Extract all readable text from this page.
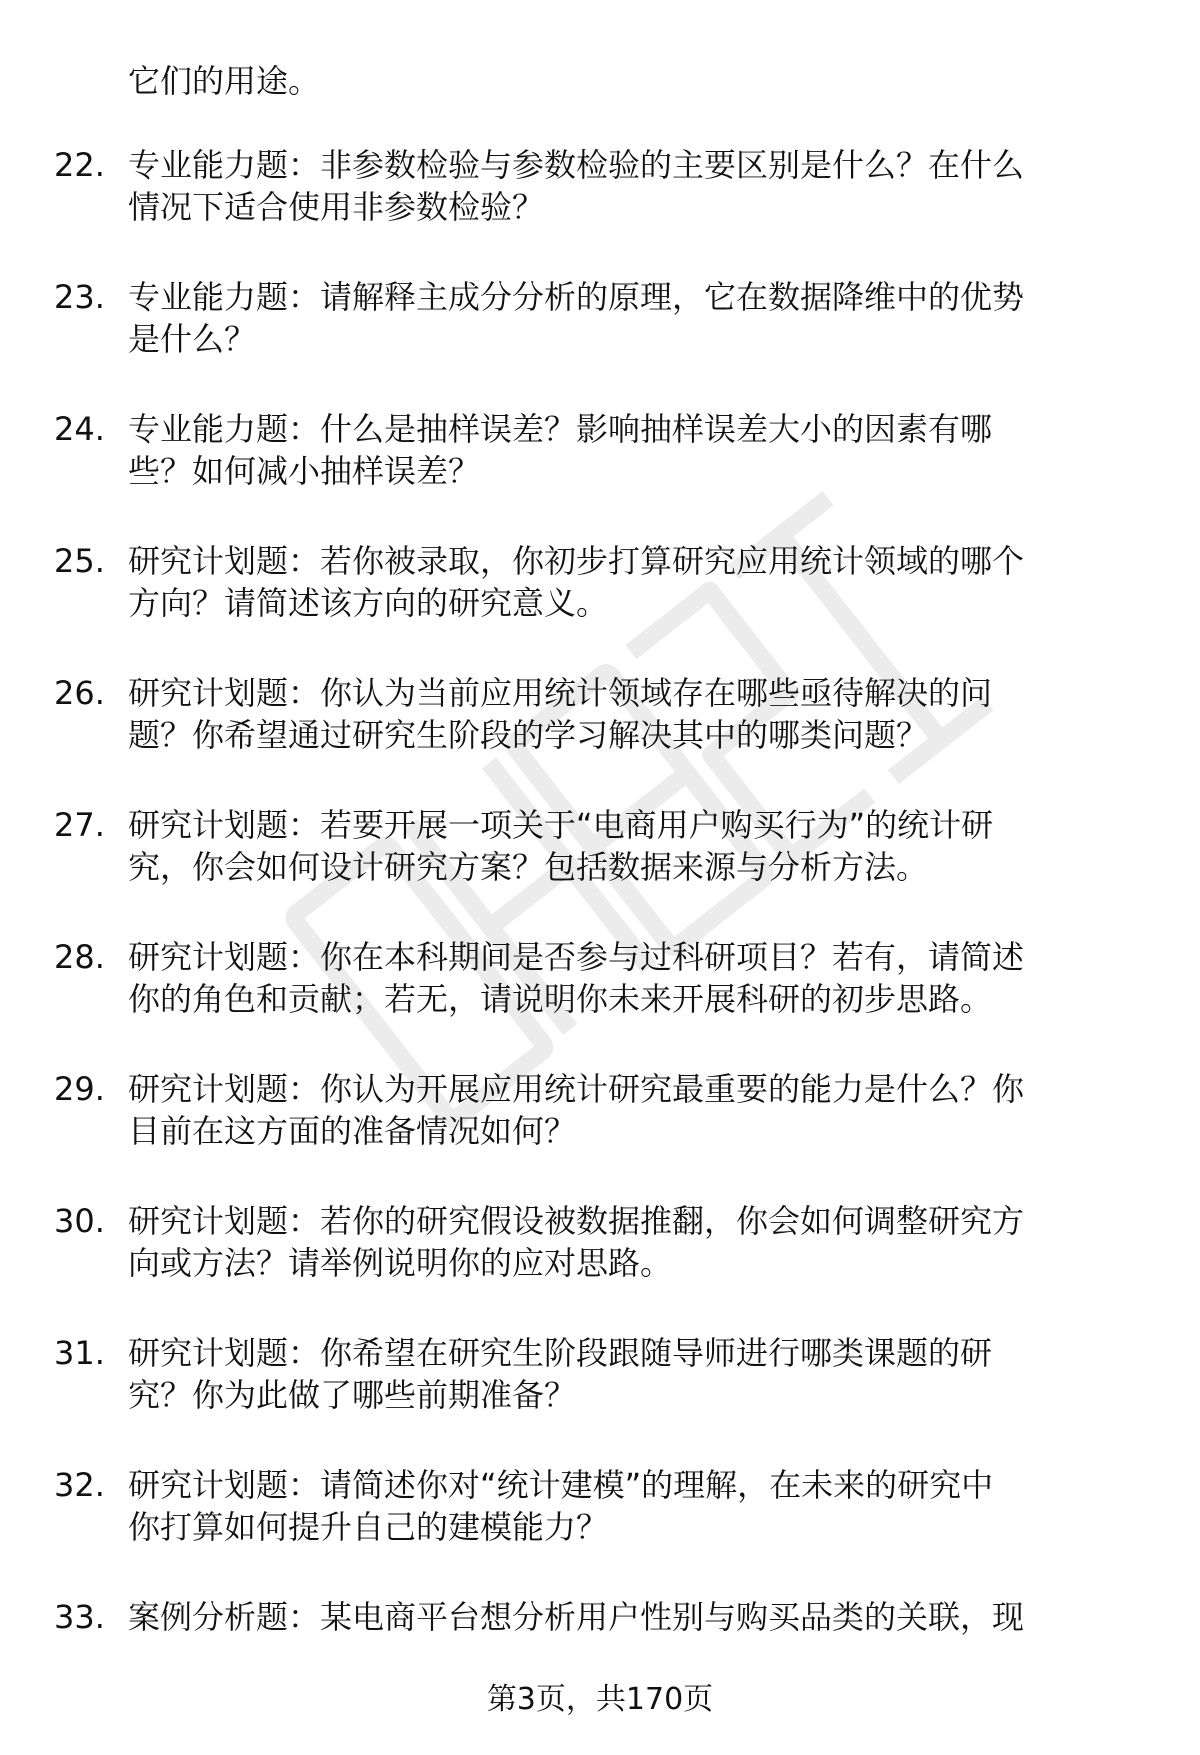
它们的用途。
22. 专业能力题：非参数检验与参数检验的主要区别是什么？在什么
情况下适合使用非参数检验？
23. 专业能力题：请解释主成分分析的原理，它在数据降维中的优势
是什么？
24. 专业能力题：什么是抽样误差？影响抽样误差大小的因素有哪
些？如何减小抽样误差？
25. 研究计划题：若你被录取，你初步打算研究应用统计领域的哪个
方向？请简述该方向的研究意义。
26. 研究计划题：你认为当前应用统计领域存在哪些亟待解决的问
题？你希望通过研究生阶段的学习解决其中的哪类问题？
27. 研究计划题：若要开展一项关于“电商用户购买行为”的统计研
究，你会如何设计研究方案？包括数据来源与分析方法。
28. 研究计划题：你在本科期间是否参与过科研项目？若有，请简述
你的角色和贡献；若无，请说明你未来开展科研的初步思路。
29. 研究计划题：你认为开展应用统计研究最重要的能力是什么？你
目前在这方面的准备情况如何？
30. 研究计划题：若你的研究假设被数据推翻，你会如何调整研究方
向或方法？请举例说明你的应对思路。
31. 研究计划题：你希望在研究生阶段跟随导师进行哪类课题的研
究？你为此做了哪些前期准备？
32. 研究计划题：请简述你对“统计建模”的理解，在未来的研究中
你打算如何提升自己的建模能力？
33. 案例分析题：某电商平台想分析用户性别与购买品类的关联，现
第3页，共170页
